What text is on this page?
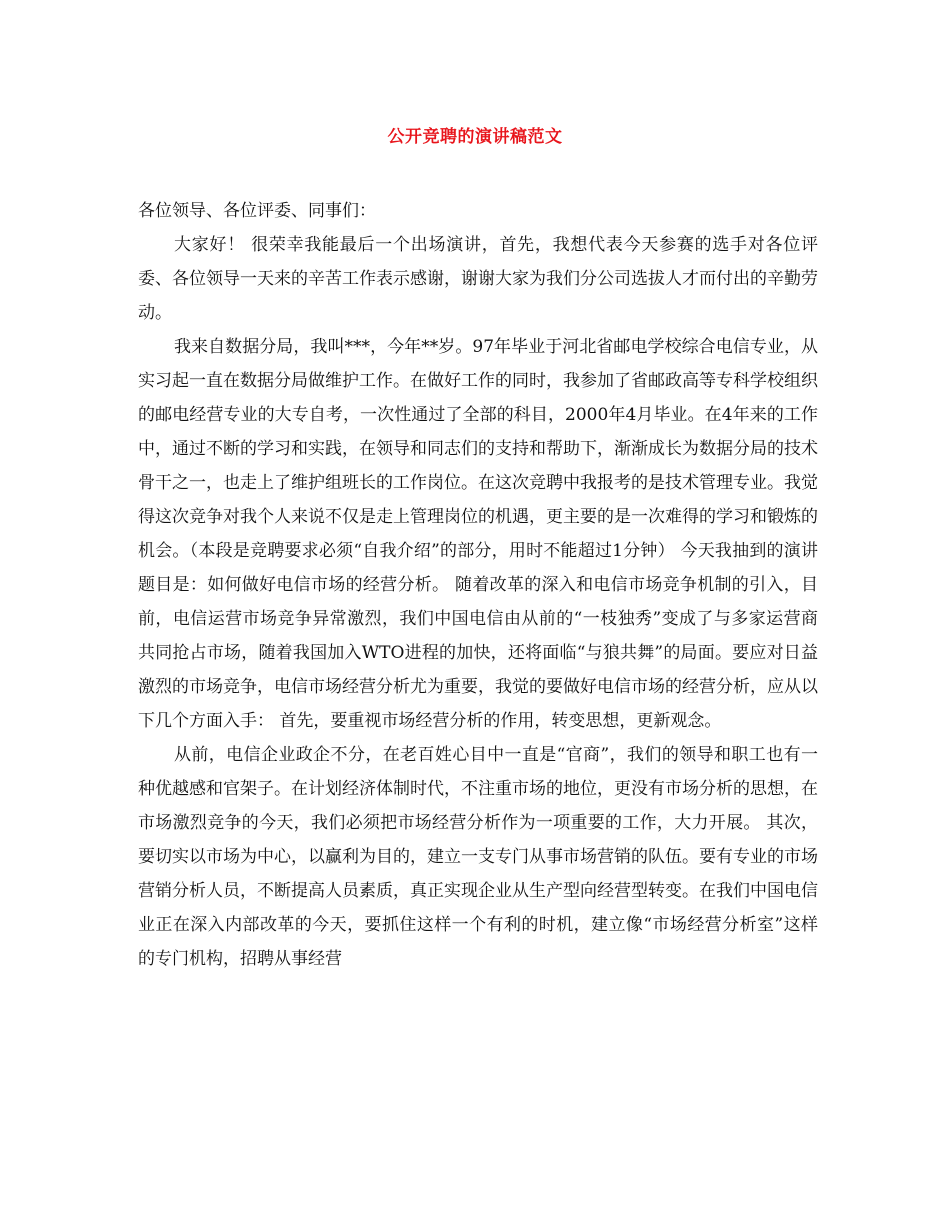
公开竞聘的演讲稿范文

各位领导、各位评委、同事们：

大家好！ 很荣幸我能最后一个出场演讲，首先，我想代表今天参赛的选手对各位评委、各位领导一天来的辛苦工作表示感谢，谢谢大家为我们分公司选拔人才而付出的辛勤劳动。

我来自数据分局，我叫***，今年**岁。97年毕业于河北省邮电学校综合电信专业，从实习起一直在数据分局做维护工作。在做好工作的同时，我参加了省邮政高等专科学校组织的邮电经营专业的大专自考，一次性通过了全部的科目，2000年4月毕业。在4年来的工作中，通过不断的学习和实践，在领导和同志们的支持和帮助下，渐渐成长为数据分局的技术骨干之一，也走上了维护组班长的工作岗位。在这次竞聘中我报考的是技术管理专业。我觉得这次竞争对我个人来说不仅是走上管理岗位的机遇，更主要的是一次难得的学习和锻炼的机会。（本段是竞聘要求必须“自我介绍”的部分，用时不能超过1分钟） 今天我抽到的演讲题目是：如何做好电信市场的经营分析。 随着改革的深入和电信市场竞争机制的引入，目前，电信运营市场竞争异常激烈，我们中国电信由从前的“一枝独秀”变成了与多家运营商共同抢占市场，随着我国加入WTO进程的加快，还将面临“与狼共舞”的局面。要应对日益激烈的市场竞争，电信市场经营分析尤为重要，我觉的要做好电信市场的经营分析，应从以下几个方面入手： 首先，要重视市场经营分析的作用，转变思想，更新观念。

从前，电信企业政企不分，在老百姓心目中一直是“官商”，我们的领导和职工也有一种优越感和官架子。在计划经济体制时代，不注重市场的地位，更没有市场分析的思想，在市场激烈竞争的今天，我们必须把市场经营分析作为一项重要的工作，大力开展。 其次，要切实以市场为中心，以赢利为目的，建立一支专门从事市场营销的队伍。要有专业的市场营销分析人员，不断提高人员素质，真正实现企业从生产型向经营型转变。在我们中国电信业正在深入内部改革的今天，要抓住这样一个有利的时机，建立像“市场经营分析室”这样的专门机构，招聘从事经营
